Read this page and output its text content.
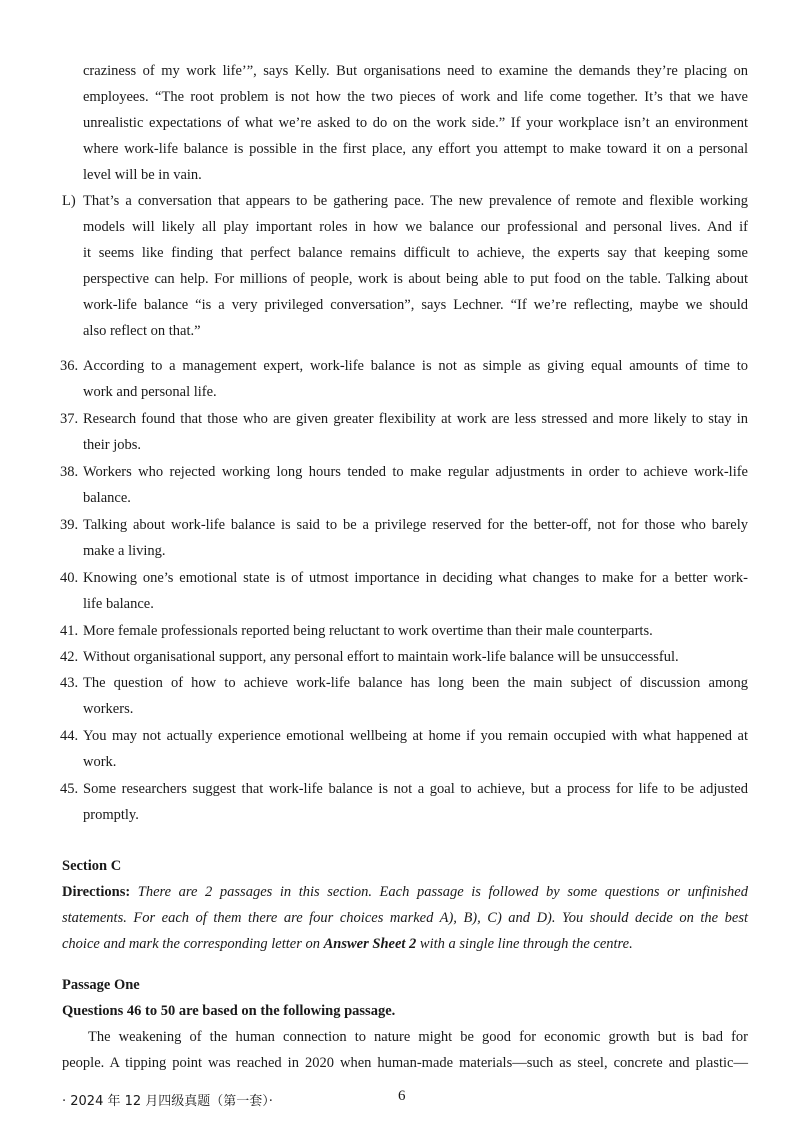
craziness of my work life’”, says Kelly. But organisations need to examine the demands they’re placing on
employees. “The root problem is not how the two pieces of work and life come together. It’s that we have
unrealistic expectations of what we’re asked to do on the work side.” If your workplace isn’t an environment
where work-life balance is possible in the first place, any effort you attempt to make toward it on a personal
level will be in vain.
L) That’s a conversation that appears to be gathering pace. The new prevalence of remote and flexible working
models will likely all play important roles in how we balance our professional and personal lives. And if
it seems like finding that perfect balance remains difficult to achieve, the experts say that keeping some
perspective can help. For millions of people, work is about being able to put food on the table. Talking about
work-life balance “is a very privileged conversation”, says Lechner. “If we’re reflecting, maybe we should
also reflect on that.”
36. According to a management expert, work-life balance is not as simple as giving equal amounts of time to
work and personal life.
37. Research found that those who are given greater flexibility at work are less stressed and more likely to stay in
their jobs.
38. Workers who rejected working long hours tended to make regular adjustments in order to achieve work-life
balance.
39. Talking about work-life balance is said to be a privilege reserved for the better-off, not for those who barely
make a living.
40. Knowing one’s emotional state is of utmost importance in deciding what changes to make for a better work-
life balance.
41. More female professionals reported being reluctant to work overtime than their male counterparts.
42. Without organisational support, any personal effort to maintain work-life balance will be unsuccessful.
43. The question of how to achieve work-life balance has long been the main subject of discussion among
workers.
44. You may not actually experience emotional wellbeing at home if you remain occupied with what happened at
work.
45. Some researchers suggest that work-life balance is not a goal to achieve, but a process for life to be adjusted
promptly.
Section C
Directions: There are 2 passages in this section. Each passage is followed by some questions or unfinished
statements. For each of them there are four choices marked A), B), C) and D). You should decide on the best
choice and mark the corresponding letter on Answer Sheet 2 with a single line through the centre.
Passage One
Questions 46 to 50 are based on the following passage.
The weakening of the human connection to nature might be good for economic growth but is bad for
people. A tipping point was reached in 2020 when human-made materials—such as steel, concrete and plastic—
· 2024 年 12 月四级真题（第一套）·	6
